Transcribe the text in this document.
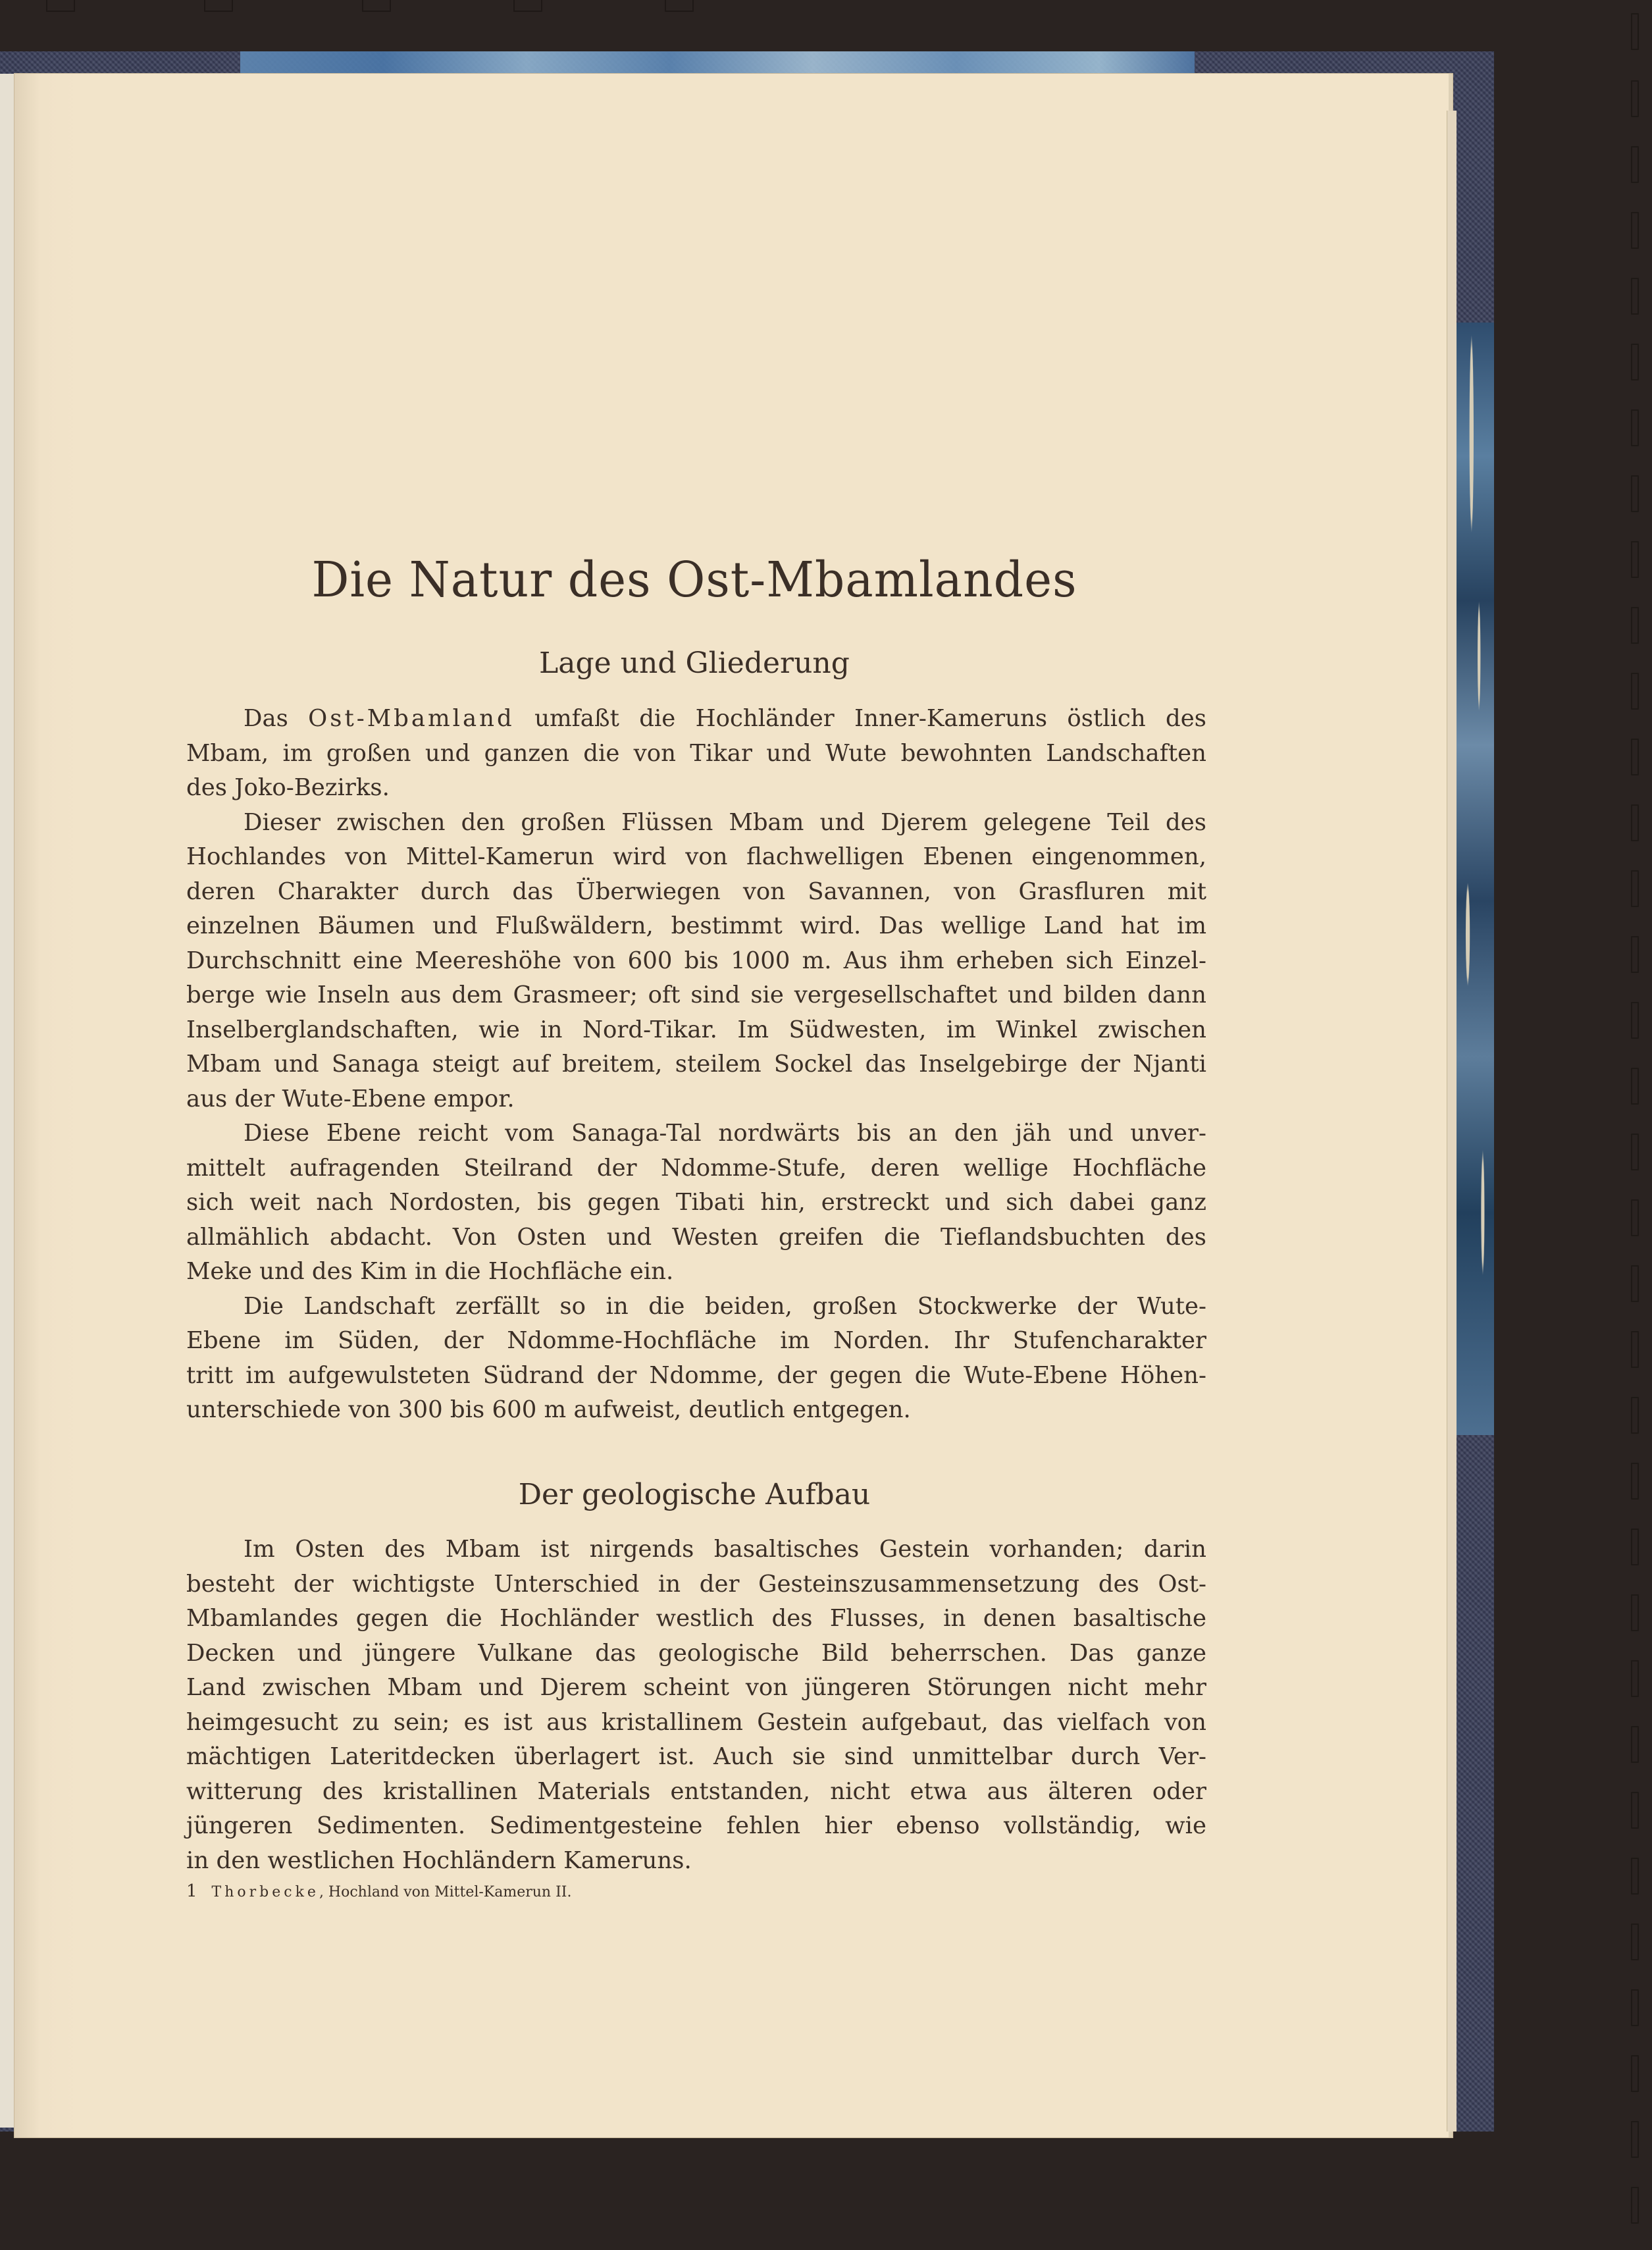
Die Natur des Ost-Mbamlandes
Lage und Gliederung
Das Ost-Mbamland umfaßt die Hochländer Inner-Kameruns östlich des
Mbam, im großen und ganzen die von Tikar und Wute bewohnten Landschaften
des Joko-Bezirks.
Dieser zwischen den großen Flüssen Mbam und Djerem gelegene Teil des
Hochlandes von Mittel-Kamerun wird von flachwelligen Ebenen eingenommen,
deren Charakter durch das Überwiegen von Savannen, von Grasfluren mit
einzelnen Bäumen und Flußwäldern, bestimmt wird. Das wellige Land hat im
Durchschnitt eine Meereshöhe von 600 bis 1000 m. Aus ihm erheben sich Einzel-
berge wie Inseln aus dem Grasmeer; oft sind sie vergesellschaftet und bilden dann
Inselberglandschaften, wie in Nord-Tikar. Im Südwesten, im Winkel zwischen
Mbam und Sanaga steigt auf breitem, steilem Sockel das Inselgebirge der Njanti
aus der Wute-Ebene empor.
Diese Ebene reicht vom Sanaga-Tal nordwärts bis an den jäh und unver-
mittelt aufragenden Steilrand der Ndomme-Stufe, deren wellige Hochfläche
sich weit nach Nordosten, bis gegen Tibati hin, erstreckt und sich dabei ganz
allmählich abdacht. Von Osten und Westen greifen die Tieflandsbuchten des
Meke und des Kim in die Hochfläche ein.
Die Landschaft zerfällt so in die beiden, großen Stockwerke der Wute-
Ebene im Süden, der Ndomme-Hochfläche im Norden. Ihr Stufencharakter
tritt im aufgewulsteten Südrand der Ndomme, der gegen die Wute-Ebene Höhen-
unterschiede von 300 bis 600 m aufweist, deutlich entgegen.
Der geologische Aufbau
Im Osten des Mbam ist nirgends basaltisches Gestein vorhanden; darin
besteht der wichtigste Unterschied in der Gesteinszusammensetzung des Ost-
Mbamlandes gegen die Hochländer westlich des Flusses, in denen basaltische
Decken und jüngere Vulkane das geologische Bild beherrschen. Das ganze
Land zwischen Mbam und Djerem scheint von jüngeren Störungen nicht mehr
heimgesucht zu sein; es ist aus kristallinem Gestein aufgebaut, das vielfach von
mächtigen Lateritdecken überlagert ist. Auch sie sind unmittelbar durch Ver-
witterung des kristallinen Materials entstanden, nicht etwa aus älteren oder
jüngeren Sedimenten. Sedimentgesteine fehlen hier ebenso vollständig, wie
in den westlichen Hochländern Kameruns.
1 Thorbecke, Hochland von Mittel-Kamerun II.
